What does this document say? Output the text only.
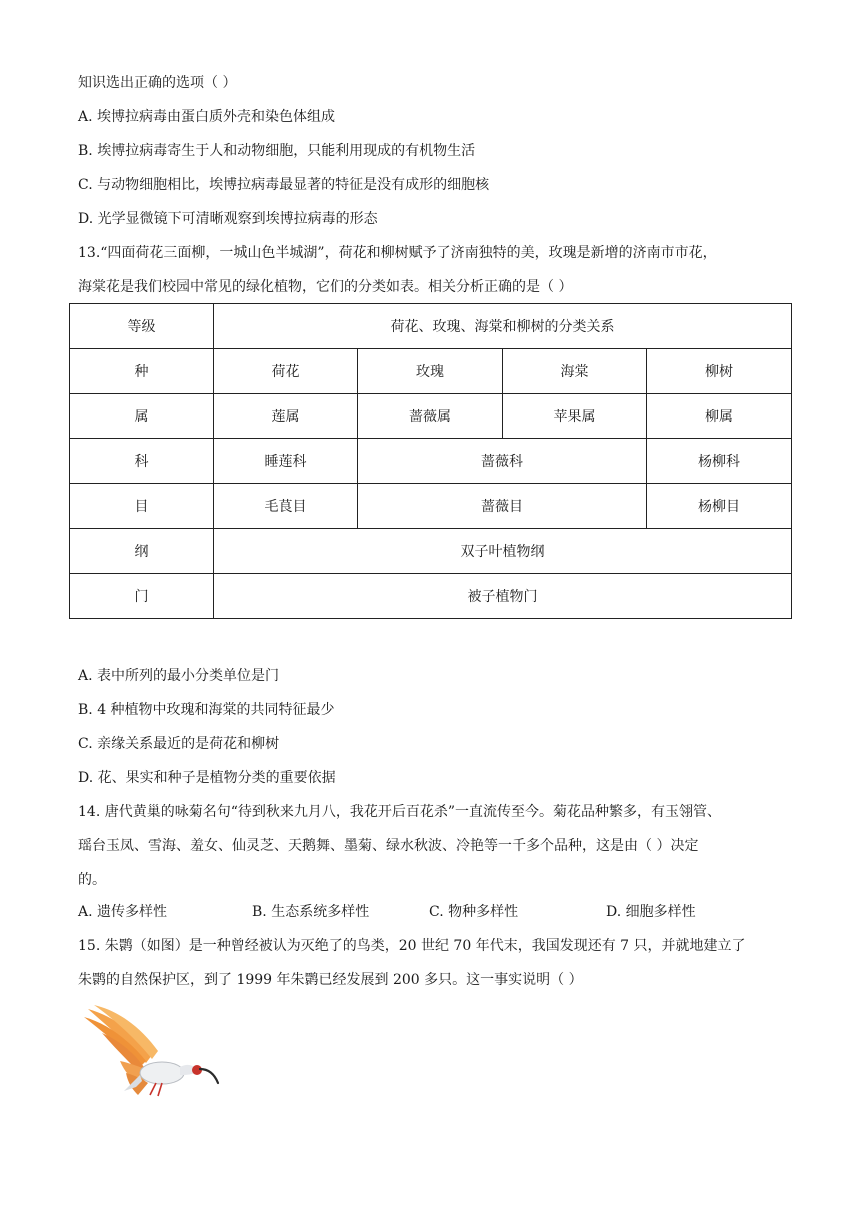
知识选出正确的选项（ ）
A. 埃博拉病毒由蛋白质外壳和染色体组成
B. 埃博拉病毒寄生于人和动物细胞，只能利用现成的有机物生活
C. 与动物细胞相比，埃博拉病毒最显著的特征是没有成形的细胞核
D. 光学显微镜下可清晰观察到埃博拉病毒的形态
13.“四面荷花三面柳，一城山色半城湖”，荷花和柳树赋予了济南独特的美，玫瑰是新增的济南市市花，
海棠花是我们校园中常见的绿化植物，它们的分类如表。相关分析正确的是（ ）
等级	荷花、玫瑰、海棠和柳树的分类关系			
种	荷花	玫瑰	海棠	柳树
属	莲属	蔷薇属	苹果属	柳属
科	睡莲科	蔷薇科		杨柳科
目	毛茛目	蔷薇目		杨柳目
纲	双子叶植物纲			
门	被子植物门			
A. 表中所列的最小分类单位是门
B. 4 种植物中玫瑰和海棠的共同特征最少
C. 亲缘关系最近的是荷花和柳树
D. 花、果实和种子是植物分类的重要依据
14. 唐代黄巢的咏菊名句“待到秋来九月八，我花开后百花杀”一直流传至今。菊花品种繁多，有玉翎管、
瑶台玉凤、雪海、羞女、仙灵芝、天鹅舞、墨菊、绿水秋波、冷艳等一千多个品种，这是由（ ）决定
的。
A. 遗传多样性	B. 生态系统多样性	C. 物种多样性	D. 细胞多样性
15. 朱鹮（如图）是一种曾经被认为灭绝了的鸟类，20 世纪 70 年代末，我国发现还有 7 只，并就地建立了
朱鹮的自然保护区，到了 1999 年朱鹮已经发展到 200 多只。这一事实说明（ ）
